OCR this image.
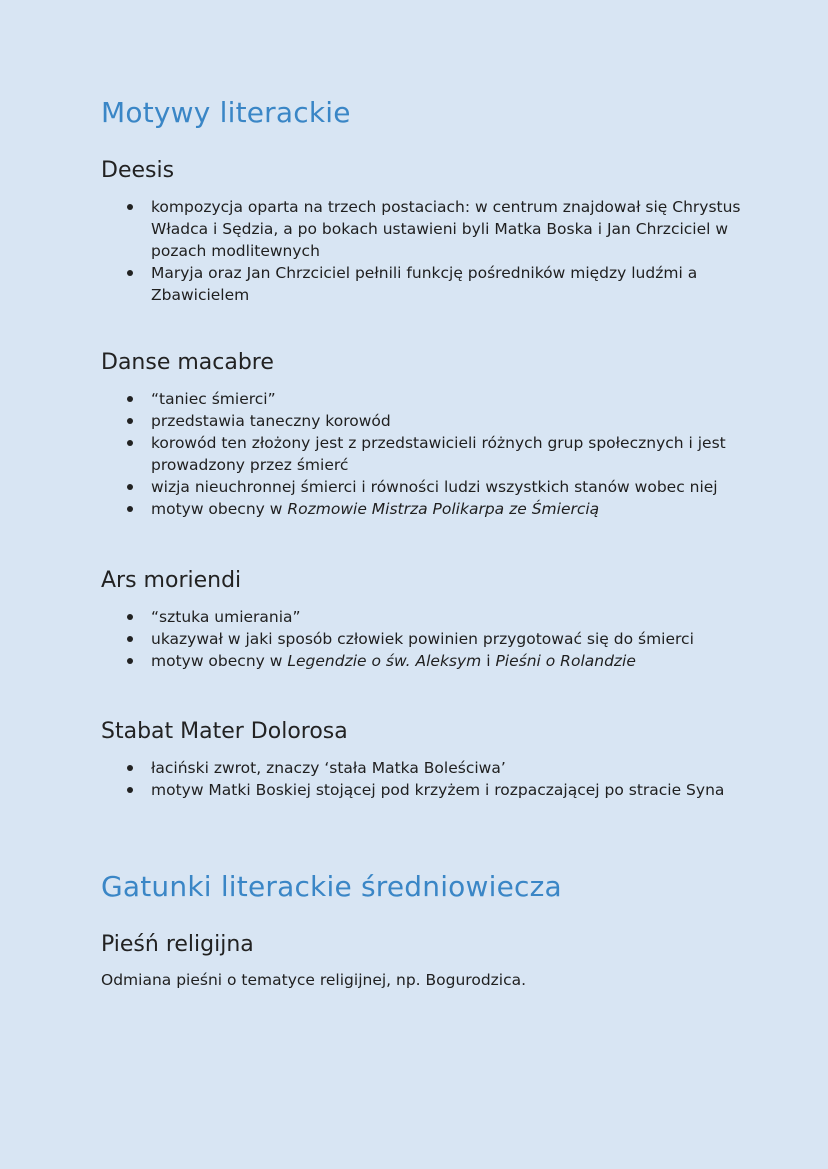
Motywy literackie
Deesis
kompozycja oparta na trzech postaciach: w centrum znajdował się Chrystus Władca i Sędzia, a po bokach ustawieni byli Matka Boska i Jan Chrzciciel w pozach modlitewnych
Maryja oraz Jan Chrzciciel pełnili funkcję pośredników między ludźmi a Zbawicielem
Danse macabre
“taniec śmierci”
przedstawia taneczny korowód
korowód ten złożony jest z przedstawicieli różnych grup społecznych i jest prowadzony przez śmierć
wizja nieuchronnej śmierci i równości ludzi wszystkich stanów wobec niej
motyw obecny w Rozmowie Mistrza Polikarpa ze Śmiercią
Ars moriendi
“sztuka umierania”
ukazywał w jaki sposób człowiek powinien przygotować się do śmierci
motyw obecny w Legendzie o św. Aleksym i Pieśni o Rolandzie
Stabat Mater Dolorosa
łaciński zwrot, znaczy ‘stała Matka Boleściwa’
motyw Matki Boskiej stojącej pod krzyżem i rozpaczającej po stracie Syna
Gatunki literackie średniowiecza
Pieśń religijna

Odmiana pieśni o tematyce religijnej, np. Bogurodzica.
